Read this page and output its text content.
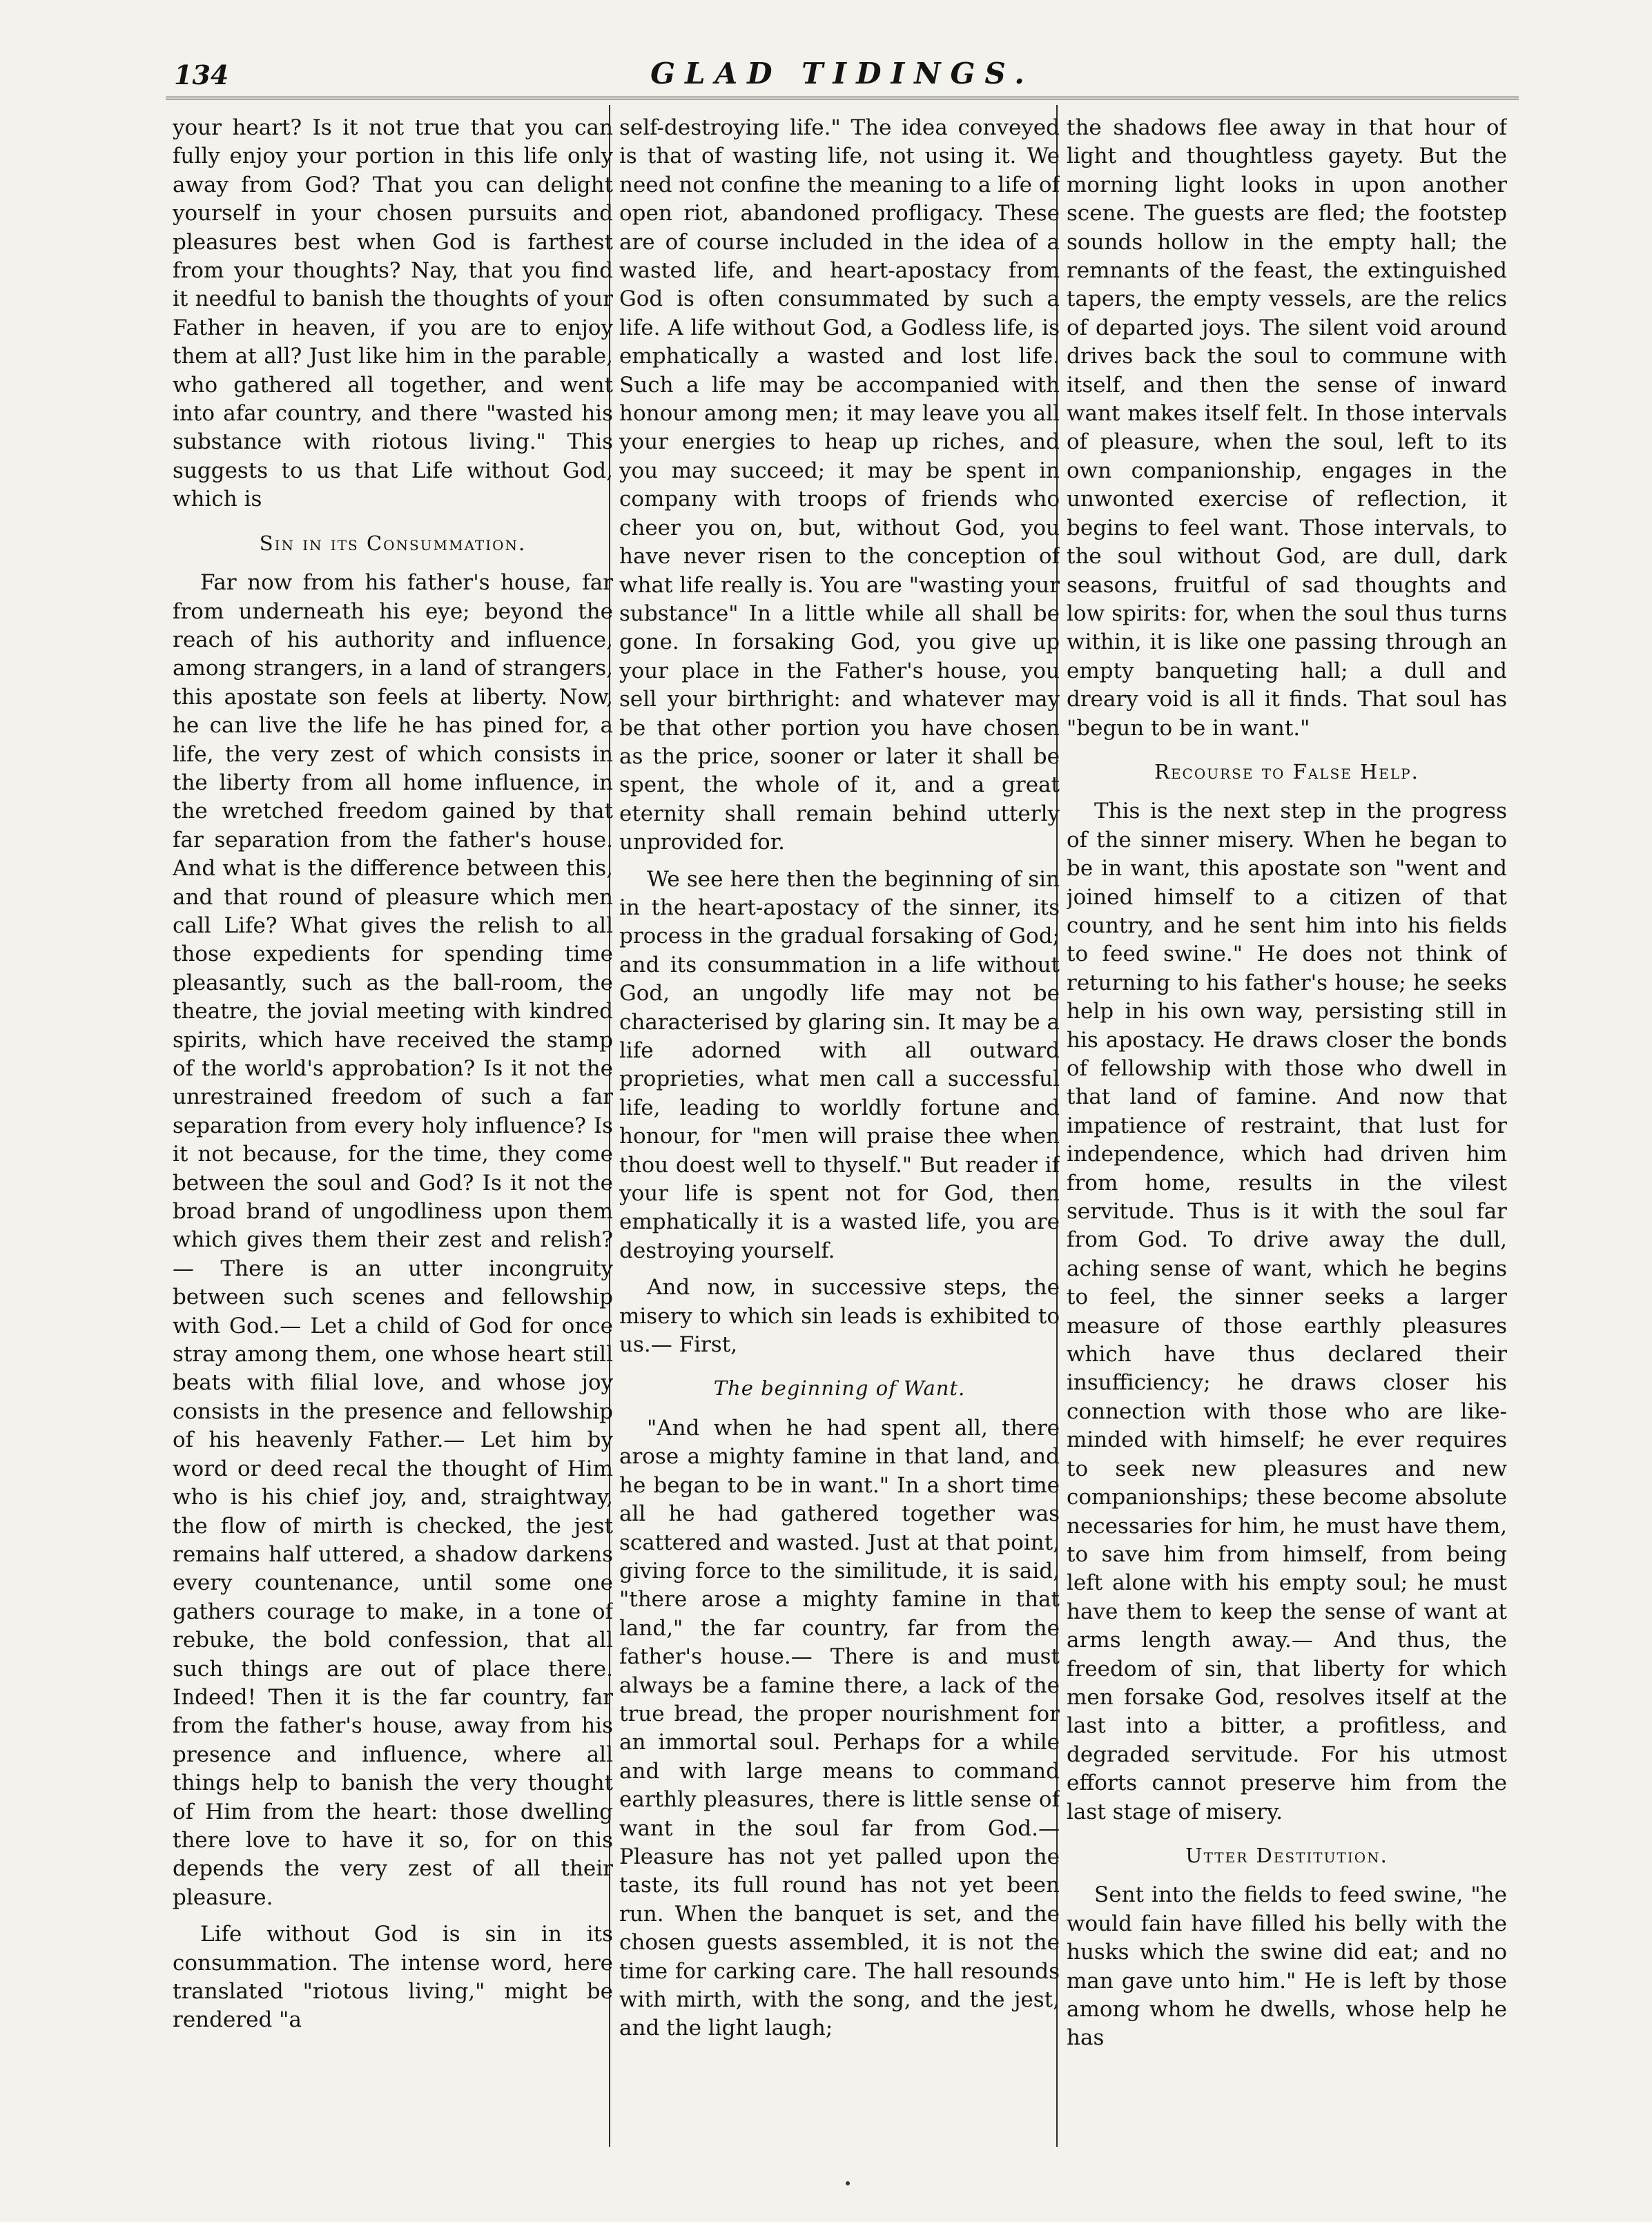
134	GLAD TIDINGS.

your heart? Is it not true that you can fully enjoy your portion in this life only away from God? That you can delight yourself in your chosen pursuits and pleasures best when God is farthest from your thoughts? Nay, that you find it needful to banish the thoughts of your Father in heaven, if you are to enjoy them at all? Just like him in the parable, who gathered all together, and went into afar country, and there "wasted his substance with riotous living." This suggests to us that Life without God, which is

Sin in its Consummation.

Far now from his father's house, far from underneath his eye; beyond the reach of his authority and influence, among strangers, in a land of strangers, this apostate son feels at liberty. Now, he can live the life he has pined for, a life, the very zest of which consists in the liberty from all home influence, in the wretched freedom gained by that far separation from the father's house. And what is the difference between this, and that round of pleasure which men call Life? What gives the relish to all those expedients for spending time pleasantly, such as the ball-room, the theatre, the jovial meeting with kindred spirits, which have received the stamp of the world's approbation? Is it not the unrestrained freedom of such a far separation from every holy influence? Is it not because, for the time, they come between the soul and God? Is it not the broad brand of ungodliness upon them which gives them their zest and relish?— There is an utter incongruity between such scenes and fellowship with God.— Let a child of God for once stray among them, one whose heart still beats with filial love, and whose joy consists in the presence and fellowship of his heavenly Father.— Let him by word or deed recal the thought of Him who is his chief joy, and, straightway, the flow of mirth is checked, the jest remains half uttered, a shadow darkens every countenance, until some one gathers courage to make, in a tone of rebuke, the bold confession, that all such things are out of place there. Indeed! Then it is the far country, far from the father's house, away from his presence and influence, where all things help to banish the very thought of Him from the heart: those dwelling there love to have it so, for on this depends the very zest of all their pleasure.

Life without God is sin in its consummation. The intense word, here translated "riotous living," might be rendered "a

self-destroying life." The idea conveyed is that of wasting life, not using it. We need not confine the meaning to a life of open riot, abandoned profligacy. These are of course included in the idea of a wasted life, and heart-apostacy from God is often consummated by such a life. A life without God, a Godless life, is emphatically a wasted and lost life. Such a life may be accompanied with honour among men; it may leave you all your energies to heap up riches, and you may succeed; it may be spent in company with troops of friends who cheer you on, but, without God, you have never risen to the conception of what life really is. You are "wasting your substance" In a little while all shall be gone. In forsaking God, you give up your place in the Father's house, you sell your birthright: and whatever may be that other portion you have chosen as the price, sooner or later it shall be spent, the whole of it, and a great eternity shall remain behind utterly unprovided for.

We see here then the beginning of sin in the heart-apostacy of the sinner, its process in the gradual forsaking of God; and its consummation in a life without God, an ungodly life may not be characterised by glaring sin. It may be a life adorned with all outward proprieties, what men call a successful life, leading to worldly fortune and honour, for "men will praise thee when thou doest well to thyself." But reader if your life is spent not for God, then emphatically it is a wasted life, you are destroying yourself.

And now, in successive steps, the misery to which sin leads is exhibited to us.— First,

The beginning of Want.

"And when he had spent all, there arose a mighty famine in that land, and he began to be in want." In a short time all he had gathered together was scattered and wasted. Just at that point, giving force to the similitude, it is said, "there arose a mighty famine in that land," the far country, far from the father's house.— There is and must always be a famine there, a lack of the true bread, the proper nourishment for an immortal soul. Perhaps for a while and with large means to command earthly pleasures, there is little sense of want in the soul far from God.— Pleasure has not yet palled upon the taste, its full round has not yet been run. When the banquet is set, and the chosen guests assembled, it is not the time for carking care. The hall resounds with mirth, with the song, and the jest, and the light laugh;

the shadows flee away in that hour of light and thoughtless gayety. But the morning light looks in upon another scene. The guests are fled; the footstep sounds hollow in the empty hall; the remnants of the feast, the extinguished tapers, the empty vessels, are the relics of departed joys. The silent void around drives back the soul to commune with itself, and then the sense of inward want makes itself felt. In those intervals of pleasure, when the soul, left to its own companionship, engages in the unwonted exercise of reflection, it begins to feel want. Those intervals, to the soul without God, are dull, dark seasons, fruitful of sad thoughts and low spirits: for, when the soul thus turns within, it is like one passing through an empty banqueting hall; a dull and dreary void is all it finds. That soul has "begun to be in want."

Recourse to False Help.

This is the next step in the progress of the sinner misery. When he began to be in want, this apostate son "went and joined himself to a citizen of that country, and he sent him into his fields to feed swine." He does not think of returning to his father's house; he seeks help in his own way, persisting still in his apostacy. He draws closer the bonds of fellowship with those who dwell in that land of famine. And now that impatience of restraint, that lust for independence, which had driven him from home, results in the vilest servitude. Thus is it with the soul far from God. To drive away the dull, aching sense of want, which he begins to feel, the sinner seeks a larger measure of those earthly pleasures which have thus declared their insufficiency; he draws closer his connection with those who are like-minded with himself; he ever requires to seek new pleasures and new companionships; these become absolute necessaries for him, he must have them, to save him from himself, from being left alone with his empty soul; he must have them to keep the sense of want at arms length away.— And thus, the freedom of sin, that liberty for which men forsake God, resolves itself at the last into a bitter, a profitless, and degraded servitude. For his utmost efforts cannot preserve him from the last stage of misery.

Utter Destitution.

Sent into the fields to feed swine, "he would fain have filled his belly with the husks which the swine did eat; and no man gave unto him." He is left by those among whom he dwells, whose help he has
